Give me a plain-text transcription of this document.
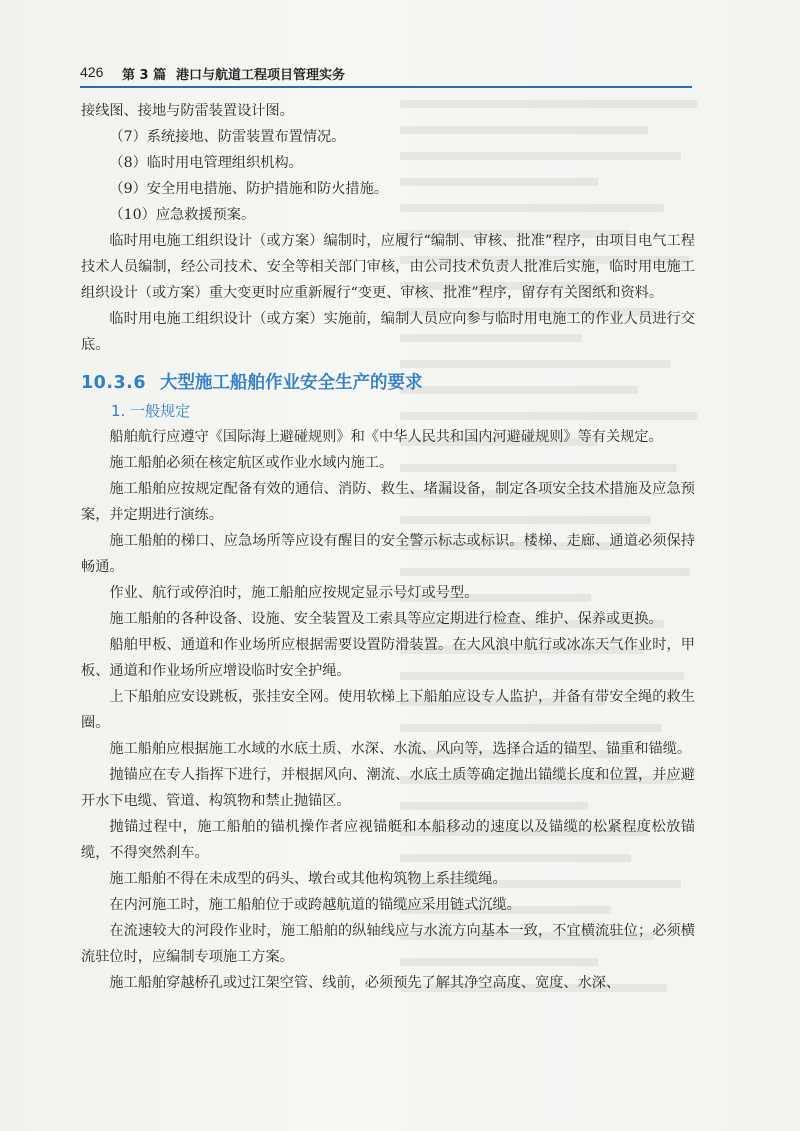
426 第 3 篇 港口与航道工程项目管理实务

接线图、接地与防雷装置设计图。

（7）系统接地、防雷装置布置情况。

（8）临时用电管理组织机构。

（9）安全用电措施、防护措施和防火措施。

（10）应急救援预案。

临时用电施工组织设计（或方案）编制时，应履行“编制、审核、批准”程序，由项目电气工程技术人员编制，经公司技术、安全等相关部门审核，由公司技术负责人批准后实施，临时用电施工组织设计（或方案）重大变更时应重新履行“变更、审核、批准”程序，留存有关图纸和资料。

临时用电施工组织设计（或方案）实施前，编制人员应向参与临时用电施工的作业人员进行交底。

10.3.6 大型施工船舶作业安全生产的要求

1. 一般规定

船舶航行应遵守《国际海上避碰规则》和《中华人民共和国内河避碰规则》等有关规定。

施工船舶必须在核定航区或作业水域内施工。

施工船舶应按规定配备有效的通信、消防、救生、堵漏设备，制定各项安全技术措施及应急预案，并定期进行演练。

施工船舶的梯口、应急场所等应设有醒目的安全警示标志或标识。楼梯、走廊、通道必须保持畅通。

作业、航行或停泊时，施工船舶应按规定显示号灯或号型。

施工船舶的各种设备、设施、安全装置及工索具等应定期进行检查、维护、保养或更换。

船舶甲板、通道和作业场所应根据需要设置防滑装置。在大风浪中航行或冰冻天气作业时，甲板、通道和作业场所应增设临时安全护绳。

上下船舶应安设跳板，张挂安全网。使用软梯上下船舶应设专人监护，并备有带安全绳的救生圈。

施工船舶应根据施工水域的水底土质、水深、水流、风向等，选择合适的锚型、锚重和锚缆。

抛锚应在专人指挥下进行，并根据风向、潮流、水底土质等确定抛出锚缆长度和位置，并应避开水下电缆、管道、构筑物和禁止抛锚区。

抛锚过程中，施工船舶的锚机操作者应视锚艇和本船移动的速度以及锚缆的松紧程度松放锚缆，不得突然刹车。

施工船舶不得在未成型的码头、墩台或其他构筑物上系挂缆绳。

在内河施工时，施工船舶位于或跨越航道的锚缆应采用链式沉缆。

在流速较大的河段作业时，施工船舶的纵轴线应与水流方向基本一致，不宜横流驻位；必须横流驻位时，应编制专项施工方案。

施工船舶穿越桥孔或过江架空管、线前，必须预先了解其净空高度、宽度、水深、
